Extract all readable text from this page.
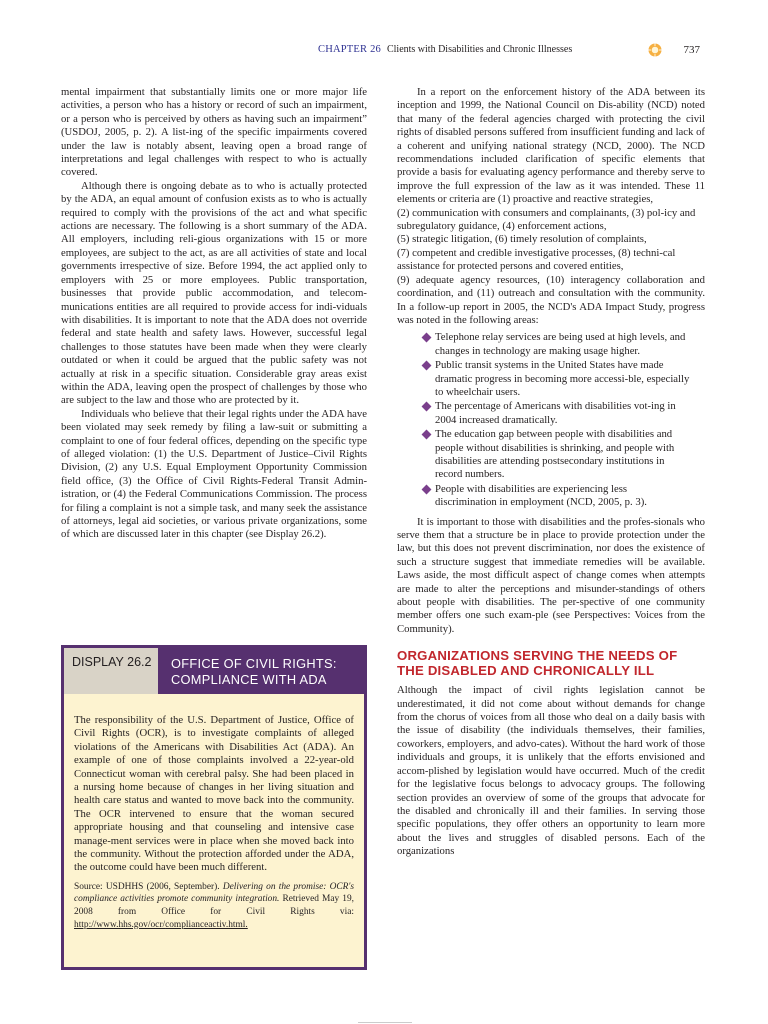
CHAPTER 26 Clients with Disabilities and Chronic Illnesses	737

mental impairment that substantially limits one or more major life activities, a person who has a history or record of such an impairment, or a person who is perceived by others as having such an impairment” (USDOJ, 2005, p. 2). A list-ing of the specific impairments covered under the law is notably absent, leaving open a broad range of interpretations and legal challenges with respect to who is actually covered.

Although there is ongoing debate as to who is actually protected by the ADA, an equal amount of confusion exists as to who is actually required to comply with the provisions of the act and what specific actions are necessary. The following is a short summary of the ADA. All employers, including reli-gious organizations with 15 or more employees, are subject to the act, as are all activities of state and local governments irrespective of size. Before 1994, the act applied only to employers with 25 or more employees. Public transportation, businesses that provide public accommodation, and telecom-munications entities are all required to provide access for indi-viduals with disabilities. It is important to note that the ADA does not override federal and state health and safety laws. However, successful legal challenges to those statutes have been made when they were clearly outdated or when it could be argued that the public safety was not actually at risk in a specific situation. Considerable gray areas exist within the ADA, leaving open the prospect of challenges by those who are subject to the law and those who are protected by it.

Individuals who believe that their legal rights under the ADA have been violated may seek remedy by filing a law-suit or submitting a complaint to one of four federal offices, depending on the specific type of alleged violation: (1) the U.S. Department of Justice–Civil Rights Division, (2) any U.S. Equal Employment Opportunity Commission field office, (3) the Office of Civil Rights-Federal Transit Admin-istration, or (4) the Federal Communications Commission. The process for filing a complaint is not a simple task, and many seek the assistance of attorneys, legal aid societies, or various private organizations, some of which are discussed later in this chapter (see Display 26.2).

DISPLAY 26.2	OFFICE OF CIVIL RIGHTS:
COMPLIANCE WITH ADA

The responsibility of the U.S. Department of Justice, Office of Civil Rights (OCR), is to investigate complaints of alleged violations of the Americans with Disabilities Act (ADA). An example of one of those complaints involved a 22-year-old Connecticut woman with cerebral palsy. She had been placed in a nursing home because of changes in her living situation and health care status and wanted to move back into the community. The OCR intervened to ensure that the woman secured appropriate housing and that counseling and intensive case manage-ment services were in place when she moved back into the community. Without the protection afforded under the ADA, the outcome could have been much different.

Source: USDHHS (2006, September). Delivering on the promise: OCR's compliance activities promote community integration. Retrieved May 19, 2008 from Office for Civil Rights via: http://www.hhs.gov/ocr/complianceactiv.html.

In a report on the enforcement history of the ADA between its inception and 1999, the National Council on Dis-ability (NCD) noted that many of the federal agencies charged with protecting the civil rights of disabled persons suffered from insufficient funding and lack of a coherent and unifying national strategy (NCD, 2000). The NCD recommendations included clarification of specific elements that provide a basis for evaluating agency performance and thereby serve to improve the full expression of the law as it was intended. These 11 elements or criteria are (1) proactive and reactive strategies,

(2) communication with consumers and complainants, (3) pol-icy and subregulatory guidance, (4) enforcement actions,

(5) strategic litigation, (6) timely resolution of complaints,

(7) competent and credible investigative processes, (8) techni-cal assistance for protected persons and covered entities,

(9) adequate agency resources, (10) interagency collaboration and coordination, and (11) outreach and consultation with the community. In a follow-up report in 2005, the NCD's ADA Impact Study, progress was noted in the following areas:

Telephone relay services are being used at high levels, and changes in technology are making usage higher.
Public transit systems in the United States have made dramatic progress in becoming more accessi-ble, especially to wheelchair users.
The percentage of Americans with disabilities vot-ing in 2004 increased dramatically.
The education gap between people with disabilities and people without disabilities is shrinking, and people with disabilities are attending postsecondary institutions in record numbers.
People with disabilities are experiencing less discrimination in employment (NCD, 2005, p. 3).

It is important to those with disabilities and the profes-sionals who serve them that a structure be in place to provide protection under the law, but this does not prevent discrimination, nor does the existence of such a structure suggest that immediate remedies will be available. Laws aside, the most difficult aspect of change comes when attempts are made to alter the perceptions and misunder-standings of others about people with disabilities. The per-spective of one community member offers one such exam-ple (see Perspectives: Voices from the Community).

ORGANIZATIONS SERVING THE NEEDS OF THE DISABLED AND CHRONICALLY ILL

Although the impact of civil rights legislation cannot be underestimated, it did not come about without demands for change from the chorus of voices from all those who deal on a daily basis with the issue of disability (the individuals themselves, their families, coworkers, employers, and advo-cates). Without the hard work of those individuals and groups, it is unlikely that the efforts envisioned and accom-plished by legislation would have occurred. Much of the credit for the legislative focus belongs to advocacy groups. The following section provides an overview of some of the groups that advocate for the disabled and chronically ill and their families. In serving those specific populations, they offer others an opportunity to learn more about the lives and struggles of disabled persons. Each of the organizations
